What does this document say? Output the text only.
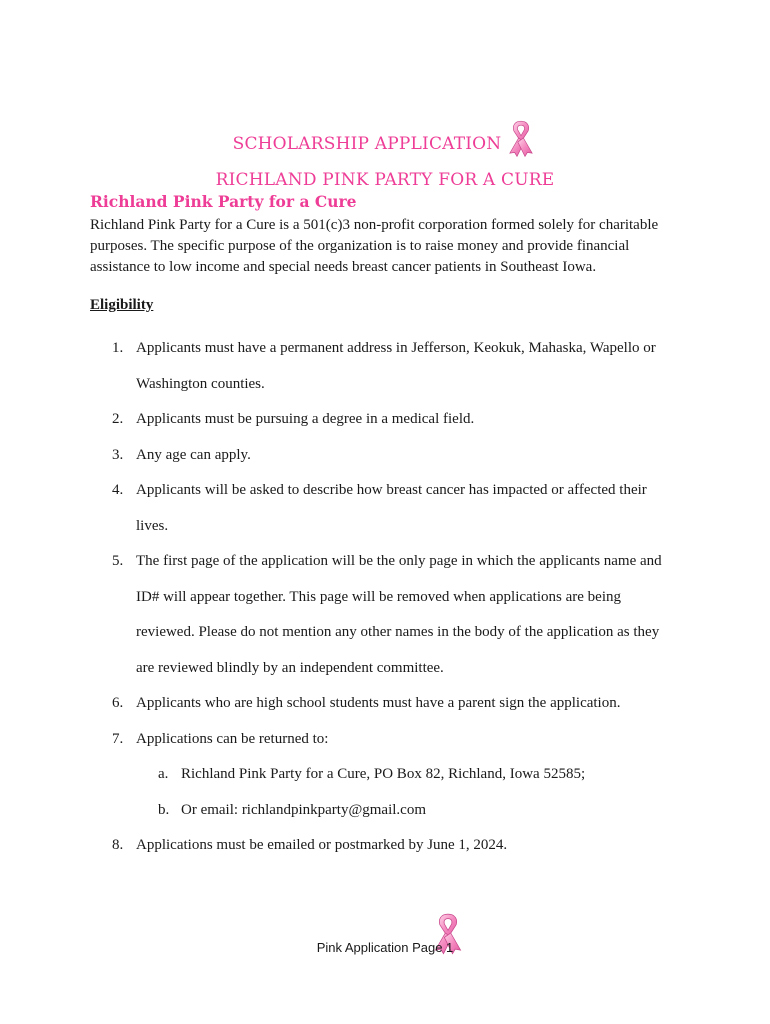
SCHOLARSHIP APPLICATION
RICHLAND PINK PARTY FOR A CURE
Richland Pink Party for a Cure

Richland Pink Party for a Cure is a 501(c)3 non-profit corporation formed solely for charitable purposes. The specific purpose of the organization is to raise money and provide financial assistance to low income and special needs breast cancer patients in Southeast Iowa.

Eligibility
1. Applicants must have a permanent address in Jefferson, Keokuk, Mahaska, Wapello or
Washington counties.
2. Applicants must be pursuing a degree in a medical field.
3. Any age can apply.
4. Applicants will be asked to describe how breast cancer has impacted or affected their
lives.
5. The first page of the application will be the only page in which the applicants name and
ID# will appear together. This page will be removed when applications are being
reviewed. Please do not mention any other names in the body of the application as they
are reviewed blindly by an independent committee.
6. Applicants who are high school students must have a parent sign the application.
7. Applications can be returned to:
a. Richland Pink Party for a Cure, PO Box 82, Richland, Iowa 52585;
b. Or email: richlandpinkparty@gmail.com
8. Applications must be emailed or postmarked by June 1, 2024.
Pink Application Page 1
